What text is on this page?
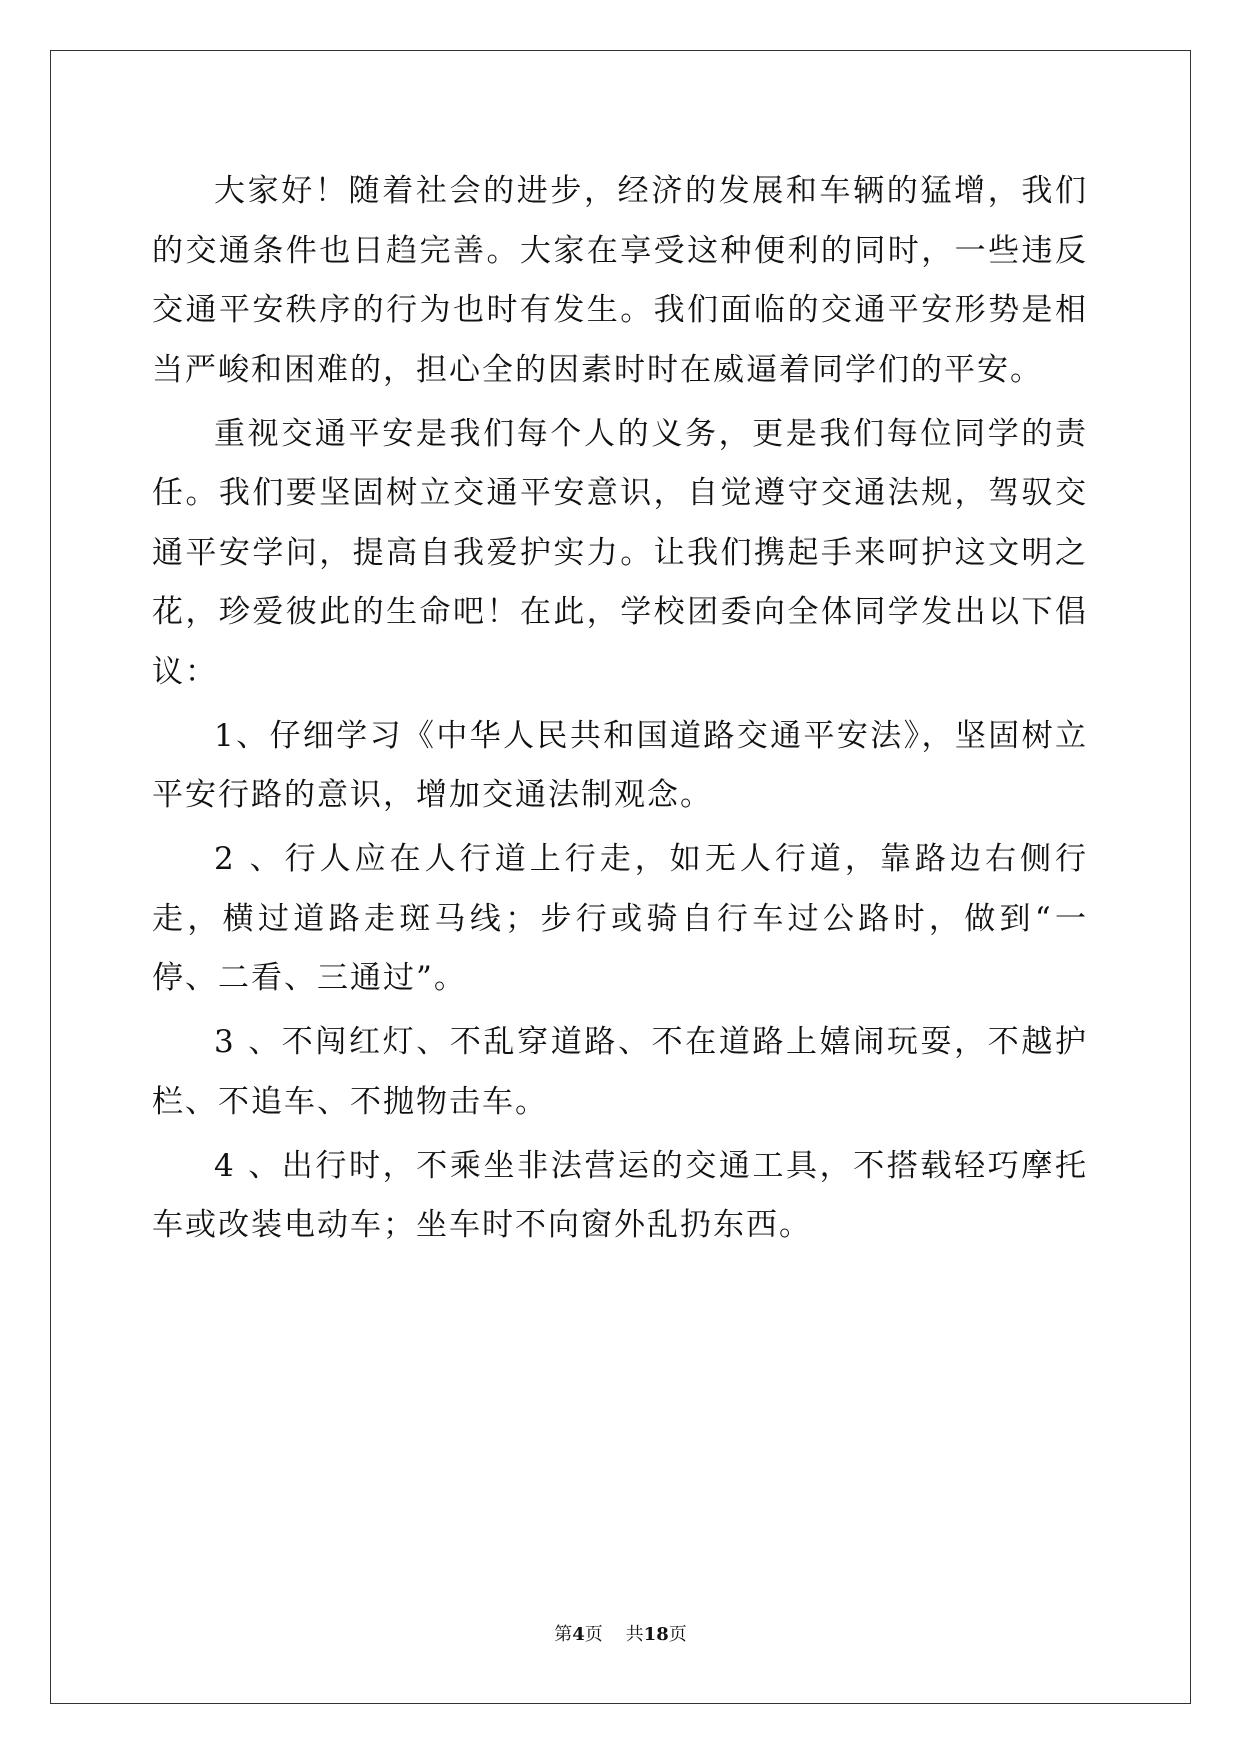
大家好！随着社会的进步，经济的发展和车辆的猛增，我们的交通条件也日趋完善。大家在享受这种便利的同时，一些违反交通平安秩序的行为也时有发生。我们面临的交通平安形势是相当严峻和困难的，担心全的因素时时在威逼着同学们的平安。

重视交通平安是我们每个人的义务，更是我们每位同学的责任。我们要坚固树立交通平安意识，自觉遵守交通法规，驾驭交通平安学问，提高自我爱护实力。让我们携起手来呵护这文明之花，珍爱彼此的生命吧！在此，学校团委向全体同学发出以下倡议：

1、仔细学习《中华人民共和国道路交通平安法》，坚固树立平安行路的意识，增加交通法制观念。

2 、行人应在人行道上行走，如无人行道，靠路边右侧行走，横过道路走斑马线；步行或骑自行车过公路时，做到“一停、二看、三通过”。

3 、不闯红灯、不乱穿道路、不在道路上嬉闹玩耍，不越护栏、不追车、不抛物击车。

4 、出行时，不乘坐非法营运的交通工具，不搭载轻巧摩托车或改装电动车；坐车时不向窗外乱扔东西。

第4页 共18页
